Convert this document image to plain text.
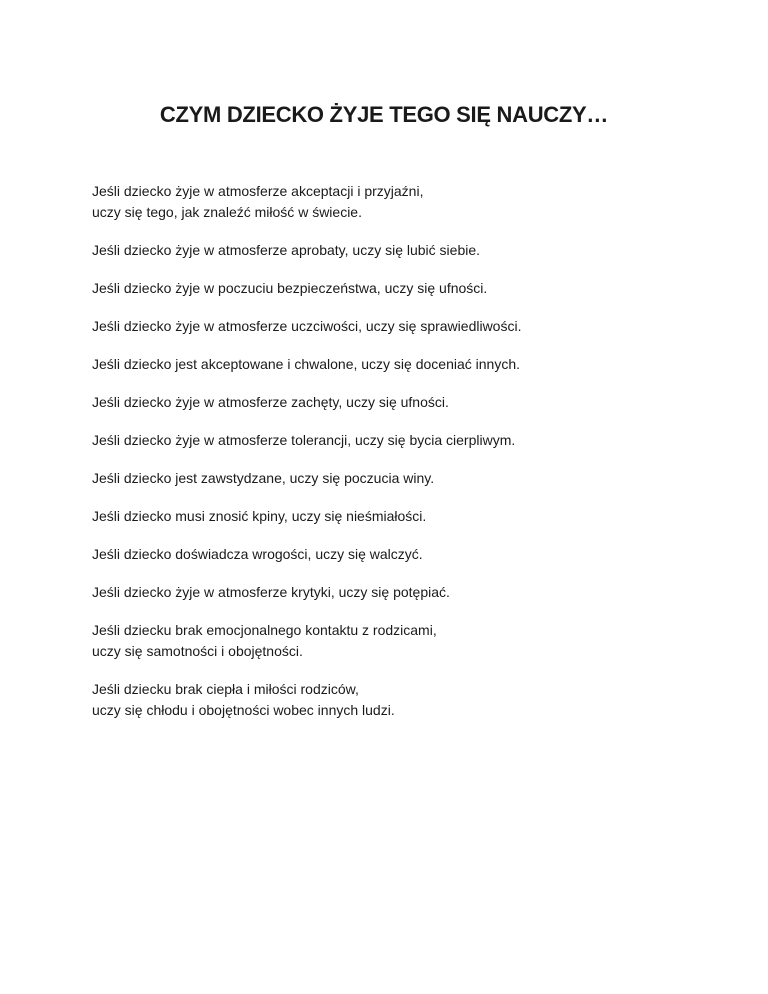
CZYM DZIECKO ŻYJE TEGO SIĘ NAUCZY…

Jeśli dziecko żyje w atmosferze akceptacji i przyjaźni,
uczy się tego, jak znaleźć miłość w świecie.

Jeśli dziecko żyje w atmosferze aprobaty, uczy się lubić siebie.

Jeśli dziecko żyje w poczuciu bezpieczeństwa, uczy się ufności.

Jeśli dziecko żyje w atmosferze uczciwości, uczy się sprawiedliwości.

Jeśli dziecko jest akceptowane i chwalone, uczy się doceniać innych.

Jeśli dziecko żyje w atmosferze zachęty, uczy się ufności.

Jeśli dziecko żyje w atmosferze tolerancji, uczy się bycia cierpliwym.

Jeśli dziecko jest zawstydzane, uczy się poczucia winy.

Jeśli dziecko musi znosić kpiny, uczy się nieśmiałości.

Jeśli dziecko doświadcza wrogości, uczy się walczyć.

Jeśli dziecko żyje w atmosferze krytyki, uczy się potępiać.

Jeśli dziecku brak emocjonalnego kontaktu z rodzicami,
uczy się samotności i obojętności.

Jeśli dziecku brak ciepła i miłości rodziców,
uczy się chłodu i obojętności wobec innych ludzi.
